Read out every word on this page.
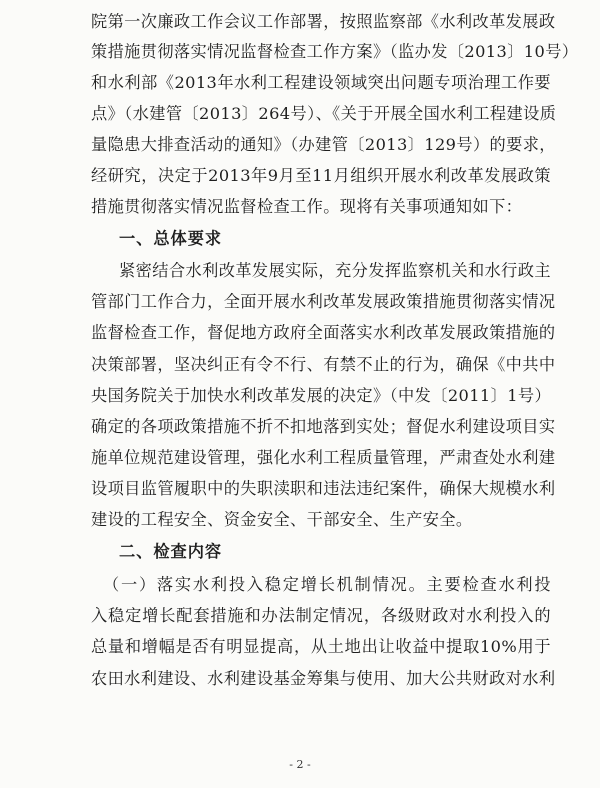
院第一次廉政工作会议工作部署，按照监察部《水利改革发展政
策措施贯彻落实情况监督检查工作方案》（监办发〔2013〕10号）
和水利部《2013年水利工程建设领域突出问题专项治理工作要
点》（水建管〔2013〕264号）、《关于开展全国水利工程建设质
量隐患大排查活动的通知》（办建管〔2013〕129号）的要求，
经研究，决定于2013年9月至11月组织开展水利改革发展政策
措施贯彻落实情况监督检查工作。现将有关事项通知如下：
一、总体要求
紧密结合水利改革发展实际，充分发挥监察机关和水行政主
管部门工作合力，全面开展水利改革发展政策措施贯彻落实情况
监督检查工作，督促地方政府全面落实水利改革发展政策措施的
决策部署，坚决纠正有令不行、有禁不止的行为，确保《中共中
央国务院关于加快水利改革发展的决定》（中发〔2011〕1号）
确定的各项政策措施不折不扣地落到实处；督促水利建设项目实
施单位规范建设管理，强化水利工程质量管理，严肃查处水利建
设项目监管履职中的失职渎职和违法违纪案件，确保大规模水利
建设的工程安全、资金安全、干部安全、生产安全。
二、检查内容
（一）落实水利投入稳定增长机制情况。主要检查水利投
入稳定增长配套措施和办法制定情况，各级财政对水利投入的
总量和增幅是否有明显提高，从土地出让收益中提取10%用于
农田水利建设、水利建设基金筹集与使用、加大公共财政对水利
- 2 -
